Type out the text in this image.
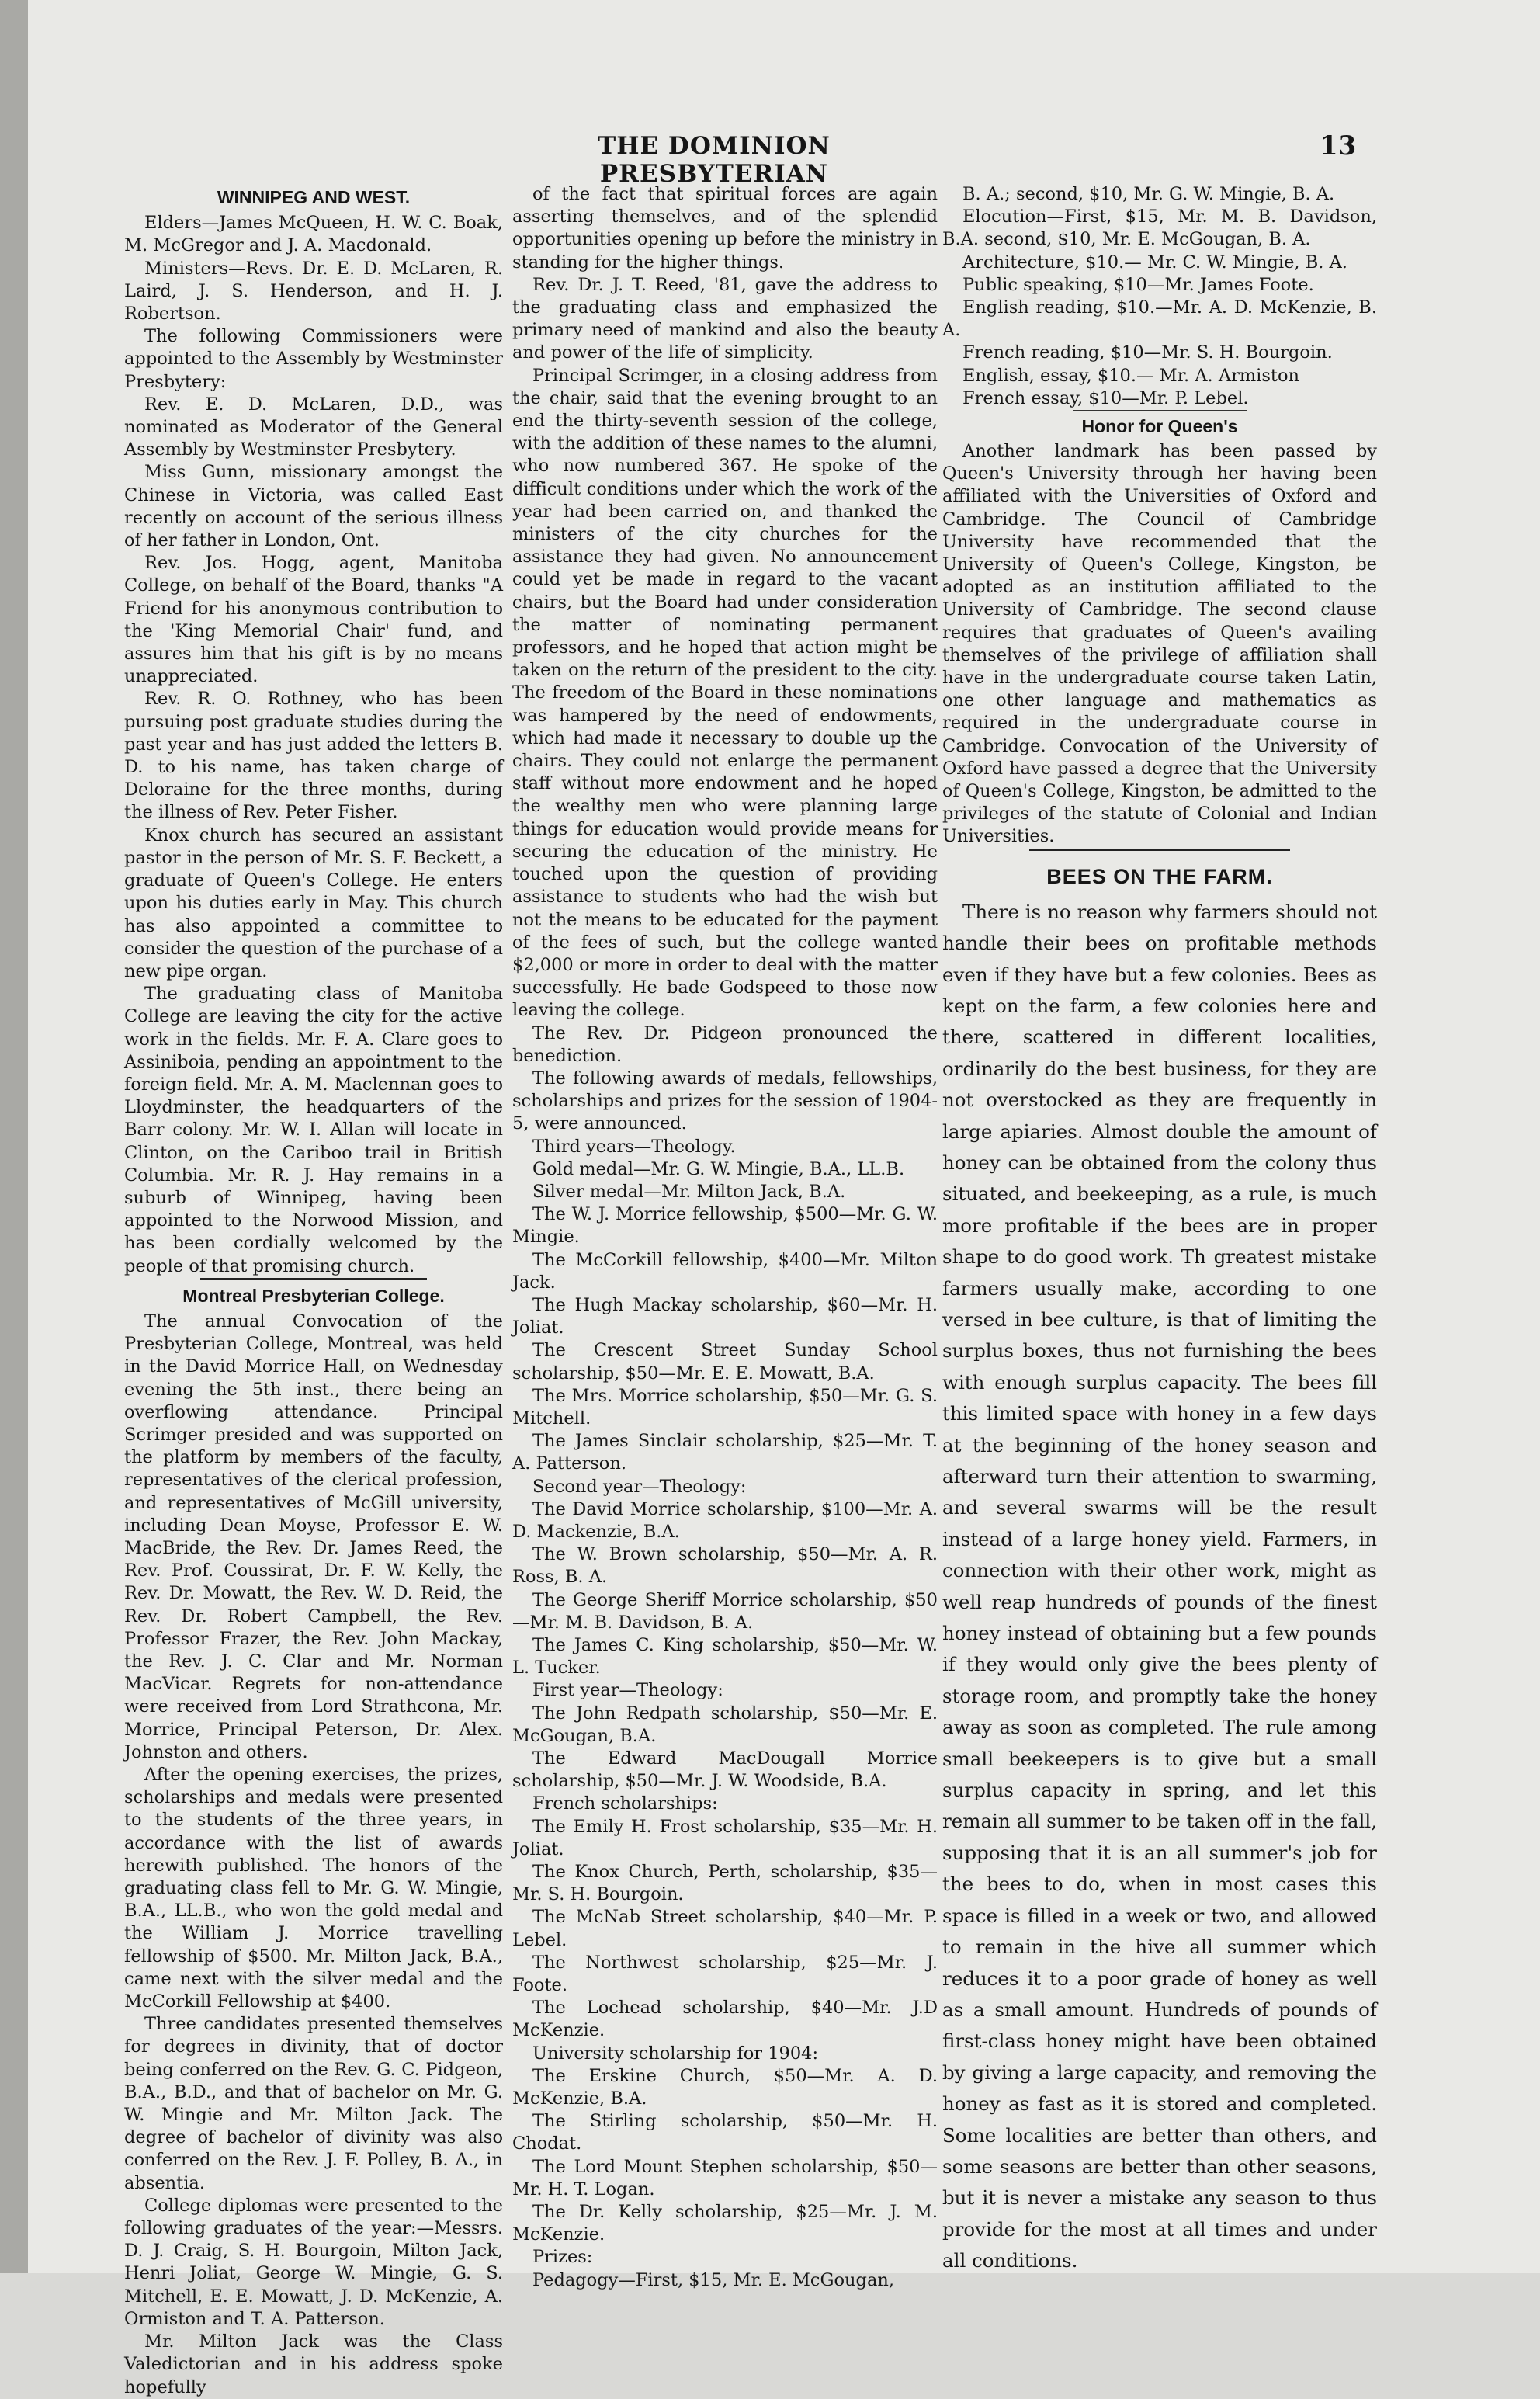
THE DOMINION PRESBYTERIAN
13
WINNIPEG AND WEST.

Elders—James McQueen, H. W. C. Boak, M. McGregor and J. A. Macdonald.

Ministers—Revs. Dr. E. D. McLaren, R. Laird, J. S. Henderson, and H. J. Robertson.

The following Commissioners were appointed to the Assembly by Westminster Presbytery:

Rev. E. D. McLaren, D.D., was nominated as Moderator of the General Assembly by Westminster Presbytery.

Miss Gunn, missionary amongst the Chinese in Victoria, was called East recently on account of the serious illness of her father in London, Ont.

Rev. Jos. Hogg, agent, Manitoba College, on behalf of the Board, thanks "A Friend for his anonymous contribution to the 'King Memorial Chair' fund, and assures him that his gift is by no means unappreciated.

Rev. R. O. Rothney, who has been pursuing post graduate studies during the past year and has just added the letters B. D. to his name, has taken charge of Deloraine for the three months, during the illness of Rev. Peter Fisher.

Knox church has secured an assistant pastor in the person of Mr. S. F. Beckett, a graduate of Queen's College. He enters upon his duties early in May. This church has also appointed a committee to consider the question of the purchase of a new pipe organ.

The graduating class of Manitoba College are leaving the city for the active work in the fields. Mr. F. A. Clare goes to Assiniboia, pending an appointment to the foreign field. Mr. A. M. Maclennan goes to Lloydminster, the headquarters of the Barr colony. Mr. W. I. Allan will locate in Clinton, on the Cariboo trail in British Columbia. Mr. R. J. Hay remains in a suburb of Winnipeg, having been appointed to the Norwood Mission, and has been cordially welcomed by the people of that promising church.

Montreal Presbyterian College.

The annual Convocation of the Presbyterian College, Montreal, was held in the David Morrice Hall, on Wednesday evening the 5th inst., there being an overflowing attendance. Principal Scrimger presided and was supported on the platform by members of the faculty, representatives of the clerical profession, and representatives of McGill university, including Dean Moyse, Professor E. W. MacBride, the Rev. Dr. James Reed, the Rev. Prof. Coussirat, Dr. F. W. Kelly, the Rev. Dr. Mowatt, the Rev. W. D. Reid, the Rev. Dr. Robert Campbell, the Rev. Professor Frazer, the Rev. John Mackay, the Rev. J. C. Clar and Mr. Norman MacVicar. Regrets for non-attendance were received from Lord Strathcona, Mr. Morrice, Principal Peterson, Dr. Alex. Johnston and others.

After the opening exercises, the prizes, scholarships and medals were presented to the students of the three years, in accordance with the list of awards herewith published. The honors of the graduating class fell to Mr. G. W. Mingie, B.A., LL.B., who won the gold medal and the William J. Morrice travelling fellowship of $500. Mr. Milton Jack, B.A., came next with the silver medal and the McCorkill Fellowship at $400.

Three candidates presented themselves for degrees in divinity, that of doctor being conferred on the Rev. G. C. Pidgeon, B.A., B.D., and that of bachelor on Mr. G. W. Mingie and Mr. Milton Jack. The degree of bachelor of divinity was also conferred on the Rev. J. F. Polley, B. A., in absentia.

College diplomas were presented to the following graduates of the year:—Messrs. D. J. Craig, S. H. Bourgoin, Milton Jack, Henri Joliat, George W. Mingie, G. S. Mitchell, E. E. Mowatt, J. D. McKenzie, A. Ormiston and T. A. Patterson.

Mr. Milton Jack was the Class Valedictorian and in his address spoke hopefully

of the fact that spiritual forces are again asserting themselves, and of the splendid opportunities opening up before the ministry in standing for the higher things.

Rev. Dr. J. T. Reed, '81, gave the address to the graduating class and emphasized the primary need of mankind and also the beauty and power of the life of simplicity.

Principal Scrimger, in a closing address from the chair, said that the evening brought to an end the thirty-seventh session of the college, with the addition of these names to the alumni, who now numbered 367. He spoke of the difficult conditions under which the work of the year had been carried on, and thanked the ministers of the city churches for the assistance they had given. No announcement could yet be made in regard to the vacant chairs, but the Board had under consideration the matter of nominating permanent professors, and he hoped that action might be taken on the return of the president to the city. The freedom of the Board in these nominations was hampered by the need of endowments, which had made it necessary to double up the chairs. They could not enlarge the permanent staff without more endowment and he hoped the wealthy men who were planning large things for education would provide means for securing the education of the ministry. He touched upon the question of providing assistance to students who had the wish but not the means to be educated for the payment of the fees of such, but the college wanted $2,000 or more in order to deal with the matter successfully. He bade Godspeed to those now leaving the college.

The Rev. Dr. Pidgeon pronounced the benediction.

The following awards of medals, fellowships, scholarships and prizes for the session of 1904-5, were announced.

Third years—Theology.

Gold medal—Mr. G. W. Mingie, B.A., LL.B.

Silver medal—Mr. Milton Jack, B.A.

The W. J. Morrice fellowship, $500—Mr. G. W. Mingie.

The McCorkill fellowship, $400—Mr. Milton Jack.

The Hugh Mackay scholarship, $60—Mr. H. Joliat.

The Crescent Street Sunday School scholarship, $50—Mr. E. E. Mowatt, B.A.

The Mrs. Morrice scholarship, $50—Mr. G. S. Mitchell.

The James Sinclair scholarship, $25—Mr. T. A. Patterson.

Second year—Theology:

The David Morrice scholarship, $100—Mr. A. D. Mackenzie, B.A.

The W. Brown scholarship, $50—Mr. A. R. Ross, B. A.

The George Sheriff Morrice scholarship, $50—Mr. M. B. Davidson, B. A.

The James C. King scholarship, $50—Mr. W. L. Tucker.

First year—Theology:

The John Redpath scholarship, $50—Mr. E. McGougan, B.A.

The Edward MacDougall Morrice scholarship, $50—Mr. J. W. Woodside, B.A.

French scholarships:

The Emily H. Frost scholarship, $35—Mr. H. Joliat.

The Knox Church, Perth, scholarship, $35—Mr. S. H. Bourgoin.

The McNab Street scholarship, $40—Mr. P. Lebel.

The Northwest scholarship, $25—Mr. J. Foote.

The Lochead scholarship, $40—Mr. J.D McKenzie.

University scholarship for 1904:

The Erskine Church, $50—Mr. A. D. McKenzie, B.A.

The Stirling scholarship, $50—Mr. H. Chodat.

The Lord Mount Stephen scholarship, $50—Mr. H. T. Logan.

The Dr. Kelly scholarship, $25—Mr. J. M. McKenzie.

Prizes:

Pedagogy—First, $15, Mr. E. McGougan,

B. A.; second, $10, Mr. G. W. Mingie, B. A.

Elocution—First, $15, Mr. M. B. Davidson, B.A. second, $10, Mr. E. McGougan, B. A.

Architecture, $10.— Mr. C. W. Mingie, B. A.

Public speaking, $10—Mr. James Foote.

English reading, $10.—Mr. A. D. McKenzie, B. A.

French reading, $10—Mr. S. H. Bourgoin.

English, essay, $10.— Mr. A. Armiston

French essay, $10—Mr. P. Lebel.

Honor for Queen's

Another landmark has been passed by Queen's University through her having been affiliated with the Universities of Oxford and Cambridge. The Council of Cambridge University have recommended that the University of Queen's College, Kingston, be adopted as an institution affiliated to the University of Cambridge. The second clause requires that graduates of Queen's availing themselves of the privilege of affiliation shall have in the undergraduate course taken Latin, one other language and mathematics as required in the undergraduate course in Cambridge. Convocation of the University of Oxford have passed a degree that the University of Queen's College, Kingston, be admitted to the privileges of the statute of Colonial and Indian Universities.

BEES ON THE FARM.

There is no reason why farmers should not handle their bees on profitable methods even if they have but a few colonies. Bees as kept on the farm, a few colonies here and there, scattered in different localities, ordinarily do the best business, for they are not overstocked as they are frequently in large apiaries. Almost double the amount of honey can be obtained from the colony thus situated, and beekeeping, as a rule, is much more profitable if the bees are in proper shape to do good work. Th greatest mistake farmers usually make, according to one versed in bee culture, is that of limiting the surplus boxes, thus not furnishing the bees with enough surplus capacity. The bees fill this limited space with honey in a few days at the beginning of the honey season and afterward turn their attention to swarming, and several swarms will be the result instead of a large honey yield. Farmers, in connection with their other work, might as well reap hundreds of pounds of the finest honey instead of obtaining but a few pounds if they would only give the bees plenty of storage room, and promptly take the honey away as soon as completed. The rule among small beekeepers is to give but a small surplus capacity in spring, and let this remain all summer to be taken off in the fall, supposing that it is an all summer's job for the bees to do, when in most cases this space is filled in a week or two, and allowed to remain in the hive all summer which reduces it to a poor grade of honey as well as a small amount. Hundreds of pounds of first-class honey might have been obtained by giving a large capacity, and removing the honey as fast as it is stored and completed. Some localities are better than others, and some seasons are better than other seasons, but it is never a mistake any season to thus provide for the most at all times and under all conditions.
